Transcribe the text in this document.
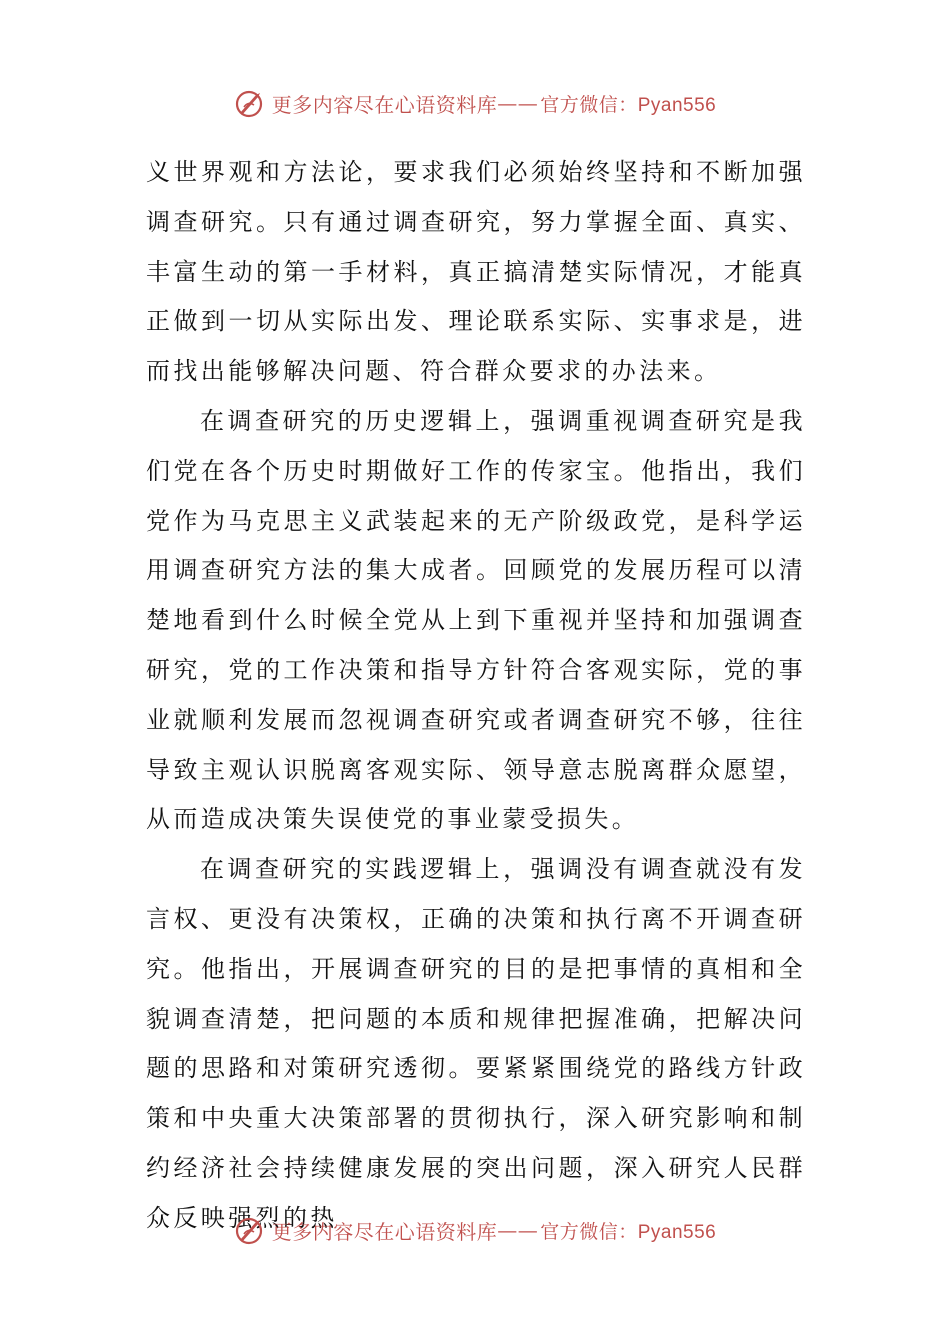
更多内容尽在心语资料库 —— 官方微信：Pyan556

义世界观和方法论，要求我们必须始终坚持和不断加强调查研究。只有通过调查研究，努力掌握全面、真实、丰富生动的第一手材料，真正搞清楚实际情况，才能真正做到一切从实际出发、理论联系实际、实事求是，进而找出能够解决问题、符合群众要求的办法来。

在调查研究的历史逻辑上，强调重视调查研究是我们党在各个历史时期做好工作的传家宝。他指出，我们党作为马克思主义武装起来的无产阶级政党，是科学运用调查研究方法的集大成者。回顾党的发展历程可以清楚地看到什么时候全党从上到下重视并坚持和加强调查研究，党的工作决策和指导方针符合客观实际，党的事业就顺利发展而忽视调查研究或者调查研究不够，往往导致主观认识脱离客观实际、领导意志脱离群众愿望，从而造成决策失误使党的事业蒙受损失。

在调查研究的实践逻辑上，强调没有调查就没有发言权、更没有决策权，正确的决策和执行离不开调查研究。他指出，开展调查研究的目的是把事情的真相和全貌调查清楚，把问题的本质和规律把握准确，把解决问题的思路和对策研究透彻。要紧紧围绕党的路线方针政策和中央重大决策部署的贯彻执行，深入研究影响和制约经济社会持续健康发展的突出问题，深入研究人民群众反映强烈的热

更多内容尽在心语资料库 —— 官方微信：Pyan556
